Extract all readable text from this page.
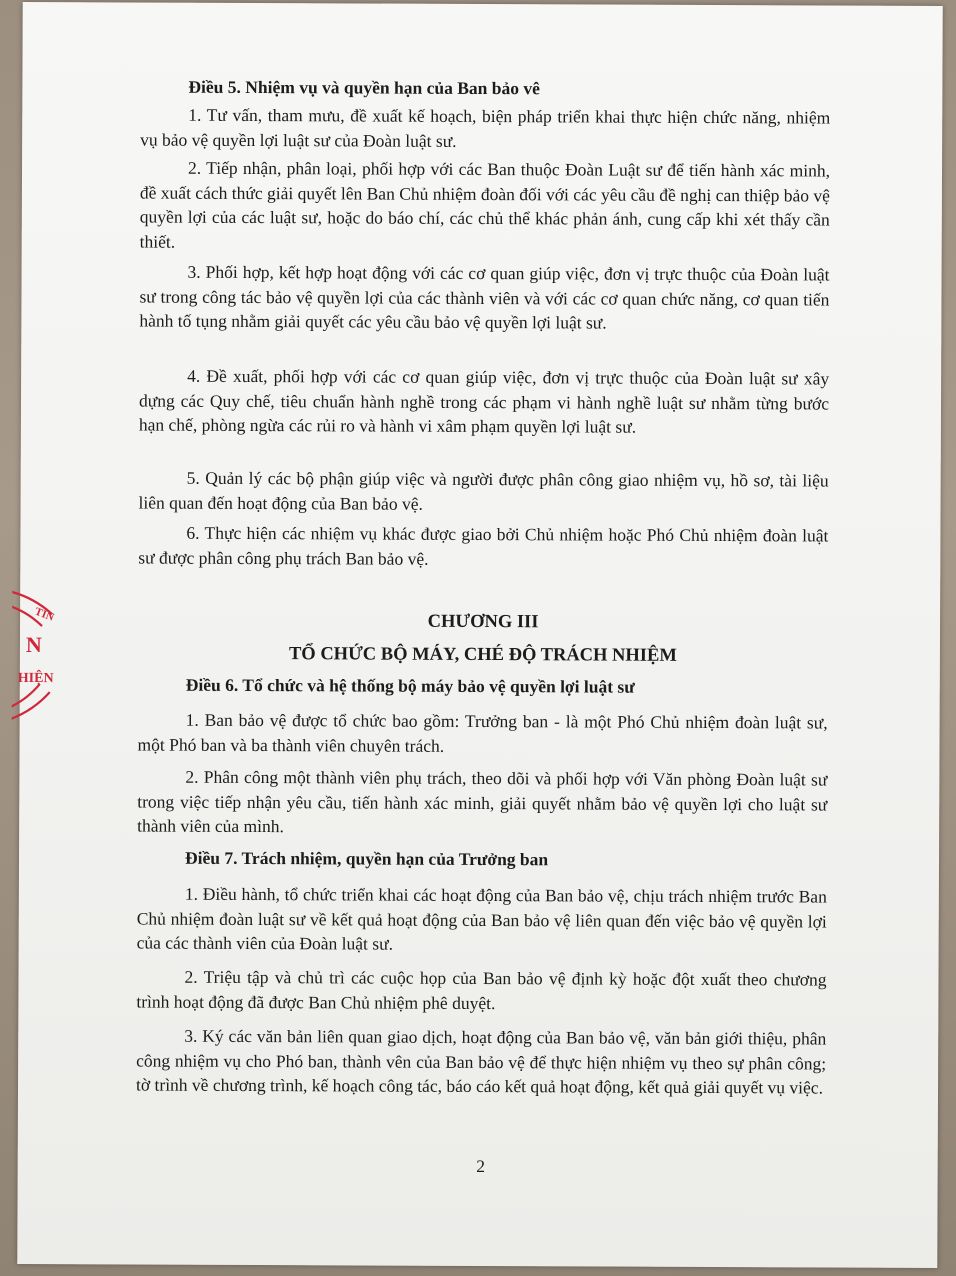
TỈN
N
HIỆN
Điều 5. Nhiệm vụ và quyền hạn của Ban bảo vê
1. Tư vấn, tham mưu, đề xuất kế hoạch, biện pháp triển khai thực hiện chức năng, nhiệm vụ bảo vệ quyền lợi luật sư của Đoàn luật sư.
2. Tiếp nhận, phân loại, phối hợp với các Ban thuộc Đoàn Luật sư để tiến hành xác minh, đề xuất cách thức giải quyết lên Ban Chủ nhiệm đoàn đối với các yêu cầu đề nghị can thiệp bảo vệ quyền lợi của các luật sư, hoặc do báo chí, các chủ thể khác phản ánh, cung cấp khi xét thấy cần thiết.
3. Phối hợp, kết hợp hoạt động với các cơ quan giúp việc, đơn vị trực thuộc của Đoàn luật sư trong công tác bảo vệ quyền lợi của các thành viên và với các cơ quan chức năng, cơ quan tiến hành tố tụng nhằm giải quyết các yêu cầu bảo vệ quyền lợi luật sư.
4. Đề xuất, phối hợp với các cơ quan giúp việc, đơn vị trực thuộc của Đoàn luật sư xây dựng các Quy chế, tiêu chuẩn hành nghề trong các phạm vi hành nghề luật sư nhằm từng bước hạn chế, phòng ngừa các rủi ro và hành vi xâm phạm quyền lợi luật sư.
5. Quản lý các bộ phận giúp việc và người được phân công giao nhiệm vụ, hồ sơ, tài liệu liên quan đến hoạt động của Ban bảo vệ.
6. Thực hiện các nhiệm vụ khác được giao bởi Chủ nhiệm hoặc Phó Chủ nhiệm đoàn luật sư được phân công phụ trách Ban bảo vệ.
CHƯƠNG III
TỔ CHỨC BỘ MÁY, CHÉ ĐỘ TRÁCH NHIỆM
Điều 6. Tổ chức và hệ thống bộ máy bảo vệ quyền lợi luật sư
1. Ban bảo vệ được tổ chức bao gồm: Trưởng ban - là một Phó Chủ nhiệm đoàn luật sư, một Phó ban và ba thành viên chuyên trách.
2. Phân công một thành viên phụ trách, theo dõi và phối hợp với Văn phòng Đoàn luật sư trong việc tiếp nhận yêu cầu, tiến hành xác minh, giải quyết nhằm bảo vệ quyền lợi cho luật sư thành viên của mình.
Điều 7. Trách nhiệm, quyền hạn của Trưởng ban
1. Điều hành, tổ chức triển khai các hoạt động của Ban bảo vệ, chịu trách nhiệm trước Ban Chủ nhiệm đoàn luật sư về kết quả hoạt động của Ban bảo vệ liên quan đến việc bảo vệ quyền lợi của các thành viên của Đoàn luật sư.
2. Triệu tập và chủ trì các cuộc họp của Ban bảo vệ định kỳ hoặc đột xuất theo chương trình hoạt động đã được Ban Chủ nhiệm phê duyệt.
3. Ký các văn bản liên quan giao dịch, hoạt động của Ban bảo vệ, văn bản giới thiệu, phân công nhiệm vụ cho Phó ban, thành vên của Ban bảo vệ để thực hiện nhiệm vụ theo sự phân công; tờ trình về chương trình, kế hoạch công tác, báo cáo kết quả hoạt động, kết quả giải quyết vụ việc.
2
